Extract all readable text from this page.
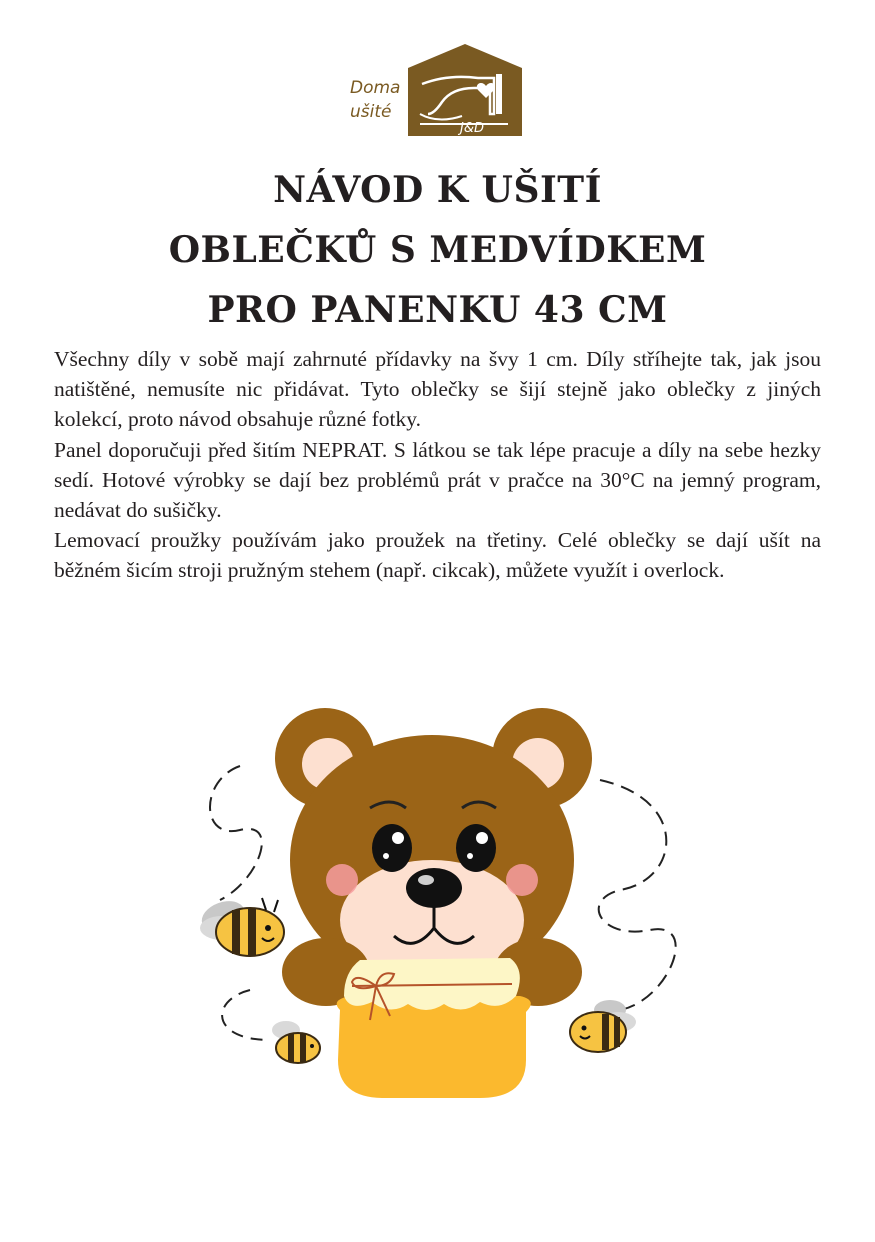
Doma
ušité
J&D
NÁVOD K UŠITÍ
OBLEČKŮ S MEDVÍDKEM
PRO PANENKU 43 CM

Všechny díly v sobě mají zahrnuté přídavky na švy 1 cm. Díly stříhejte tak, jak jsou natištěné, nemusíte nic přidávat. Tyto oblečky se šijí stejně jako oblečky z jiných kolekcí, proto návod obsahuje různé fotky.

Panel doporučuji před šitím NEPRAT. S látkou se tak lépe pracuje a díly na sebe hezky sedí. Hotové výrobky se dají bez problémů prát v pračce na 30°C na jemný program, nedávat do sušičky.

Lemovací proužky používám jako proužek na třetiny. Celé oblečky se dají ušít na běžném šicím stroji pružným stehem (např. cikcak), můžete využít i overlock.
